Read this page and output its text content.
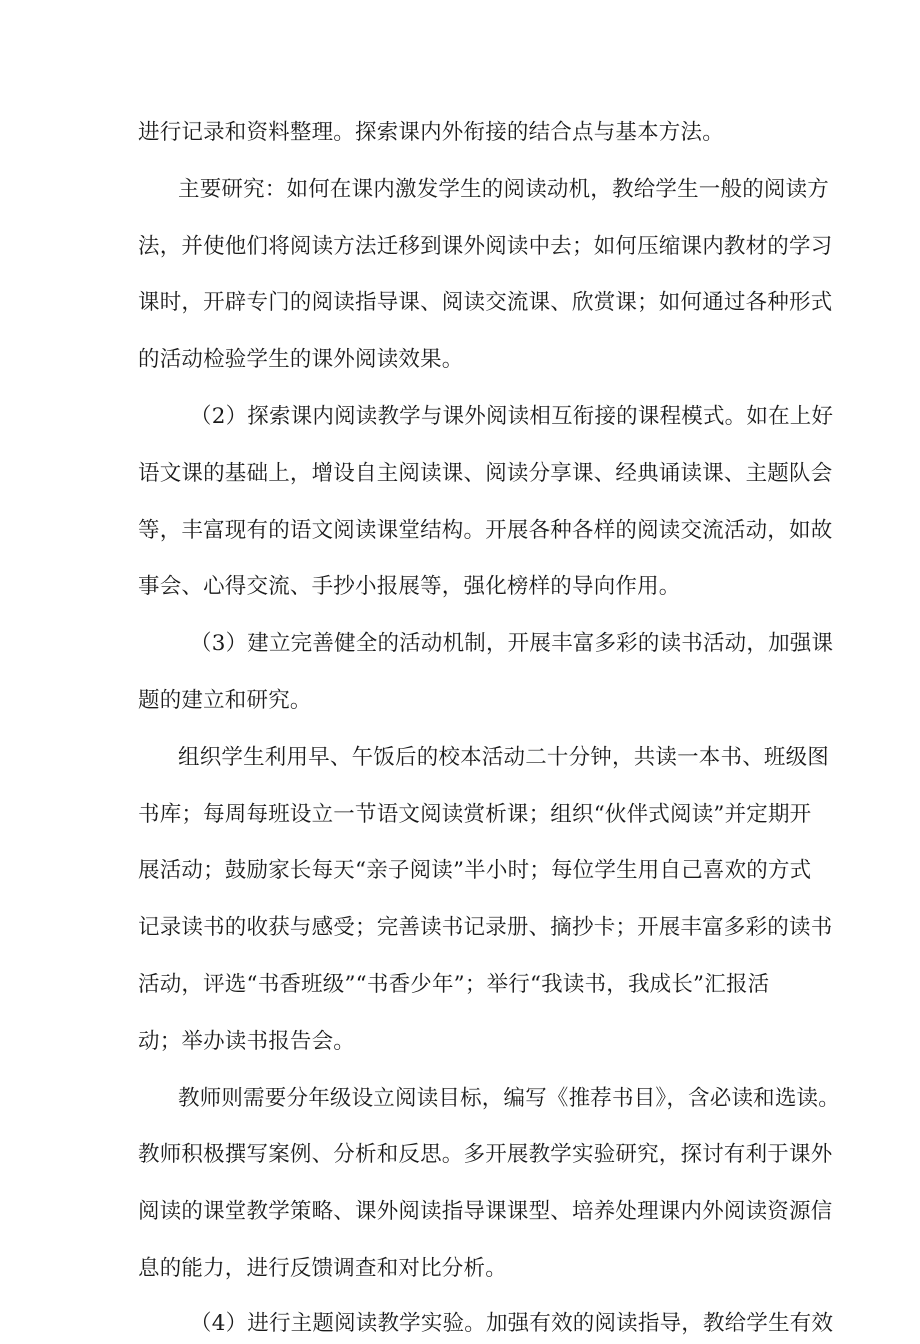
进行记录和资料整理。探索课内外衔接的结合点与基本方法。
主要研究：如何在课内激发学生的阅读动机，教给学生一般的阅读方
法，并使他们将阅读方法迁移到课外阅读中去；如何压缩课内教材的学习
课时，开辟专门的阅读指导课、阅读交流课、欣赏课；如何通过各种形式
的活动检验学生的课外阅读效果。
（2）探索课内阅读教学与课外阅读相互衔接的课程模式。如在上好
语文课的基础上，增设自主阅读课、阅读分享课、经典诵读课、主题队会
等，丰富现有的语文阅读课堂结构。开展各种各样的阅读交流活动，如故
事会、心得交流、手抄小报展等，强化榜样的导向作用。
（3）建立完善健全的活动机制，开展丰富多彩的读书活动，加强课
题的建立和研究。
组织学生利用早、午饭后的校本活动二十分钟，共读一本书、班级图
书库；每周每班设立一节语文阅读赏析课；组织“伙伴式阅读”并定期开
展活动；鼓励家长每天“亲子阅读”半小时；每位学生用自己喜欢的方式
记录读书的收获与感受；完善读书记录册、摘抄卡；开展丰富多彩的读书
活动，评选“书香班级”“书香少年”；举行“我读书，我成长”汇报活
动；举办读书报告会。
教师则需要分年级设立阅读目标，编写《推荐书目》，含必读和选读。
教师积极撰写案例、分析和反思。多开展教学实验研究，探讨有利于课外
阅读的课堂教学策略、课外阅读指导课课型、培养处理课内外阅读资源信
息的能力，进行反馈调查和对比分析。
（4）进行主题阅读教学实验。加强有效的阅读指导，教给学生有效
